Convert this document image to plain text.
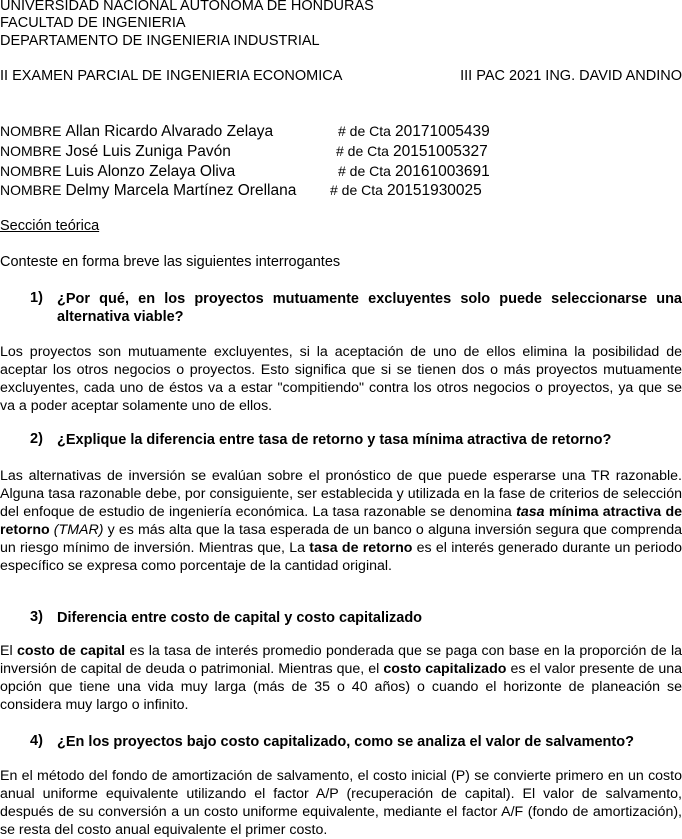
UNIVERSIDAD NACIONAL AUTONOMA DE HONDURAS
FACULTAD DE INGENIERIA
DEPARTAMENTO DE INGENIERIA INDUSTRIAL
II EXAMEN PARCIAL DE INGENIERIA ECONOMICA	III PAC 2021 ING. DAVID ANDINO
NOMBRE Allan Ricardo Alvarado Zelaya	# de Cta 20171005439
NOMBRE José Luis Zuniga Pavón	# de Cta 20151005327
NOMBRE Luis Alonzo Zelaya Oliva	# de Cta 20161003691
NOMBRE Delmy Marcela Martínez Orellana # de Cta 20151930025
Sección teórica
Conteste en forma breve las siguientes interrogantes
1) ¿Por qué, en los proyectos mutuamente excluyentes solo puede seleccionarse una alternativa viable?

Los proyectos son mutuamente excluyentes, si la aceptación de uno de ellos elimina la posibilidad de aceptar los otros negocios o proyectos. Esto significa que si se tienen dos o más proyectos mutuamente excluyentes, cada uno de éstos va a estar "compitiendo" contra los otros negocios o proyectos, ya que se va a poder aceptar solamente uno de ellos.

2) ¿Explique la diferencia entre tasa de retorno y tasa mínima atractiva de retorno?

Las alternativas de inversión se evalúan sobre el pronóstico de que puede esperarse una TR razonable. Alguna tasa razonable debe, por consiguiente, ser establecida y utilizada en la fase de criterios de selección del enfoque de estudio de ingeniería económica. La tasa razonable se denomina tasa mínima atractiva de retorno (TMAR) y es más alta que la tasa esperada de un banco o alguna inversión segura que comprenda un riesgo mínimo de inversión. Mientras que, La tasa de retorno es el interés generado durante un periodo específico se expresa como porcentaje de la cantidad original.

3) Diferencia entre costo de capital y costo capitalizado

El costo de capital es la tasa de interés promedio ponderada que se paga con base en la proporción de la inversión de capital de deuda o patrimonial. Mientras que, el costo capitalizado es el valor presente de una opción que tiene una vida muy larga (más de 35 o 40 años) o cuando el horizonte de planeación se considera muy largo o infinito.

4) ¿En los proyectos bajo costo capitalizado, como se analiza el valor de salvamento?

En el método del fondo de amortización de salvamento, el costo inicial (P) se convierte primero en un costo anual uniforme equivalente utilizando el factor A/P (recuperación de capital). El valor de salvamento, después de su conversión a un costo uniforme equivalente, mediante el factor A/F (fondo de amortización), se resta del costo anual equivalente el primer costo.
